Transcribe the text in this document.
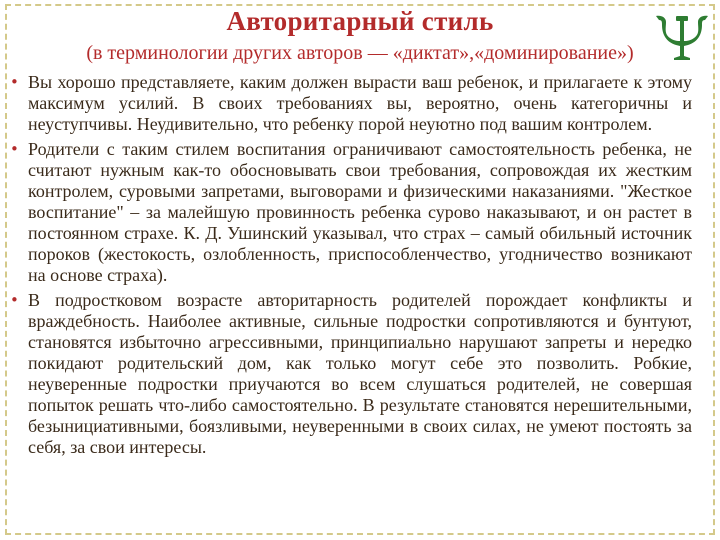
Авторитарный стиль
(в терминологии других авторов — «диктат»,«доминирование»)
• Вы хорошо представляете, каким должен вырасти ваш ребенок, и прилагаете к этому максимум усилий. В своих требованиях вы, вероятно, очень категоричны и неуступчивы. Неудивительно, что ребенку порой неуютно под вашим контролем.
• Родители с таким стилем воспитания ограничивают самостоятельность ребенка, не считают нужным как-то обосновывать свои требования, сопровождая их жестким контролем, суровыми запретами, выговорами и физическими наказаниями. "Жесткое воспитание" – за малейшую провинность ребенка сурово наказывают, и он растет в постоянном страхе. К. Д. Ушинский указывал, что страх – самый обильный источник пороков (жестокость, озлобленность, приспособленчество, угодничество возникают на основе страха).
• В подростковом возрасте авторитарность родителей порождает конфликты и враждебность. Наиболее активные, сильные подростки сопротивляются и бунтуют, становятся избыточно агрессивными, принципиально нарушают запреты и нередко покидают родительский дом, как только могут себе это позволить. Робкие, неуверенные подростки приучаются во всем слушаться родителей, не совершая попыток решать что-либо самостоятельно. В результате становятся нерешительными, безынициативными, боязливыми, неуверенными в своих силах, не умеют постоять за себя, за свои интересы.
